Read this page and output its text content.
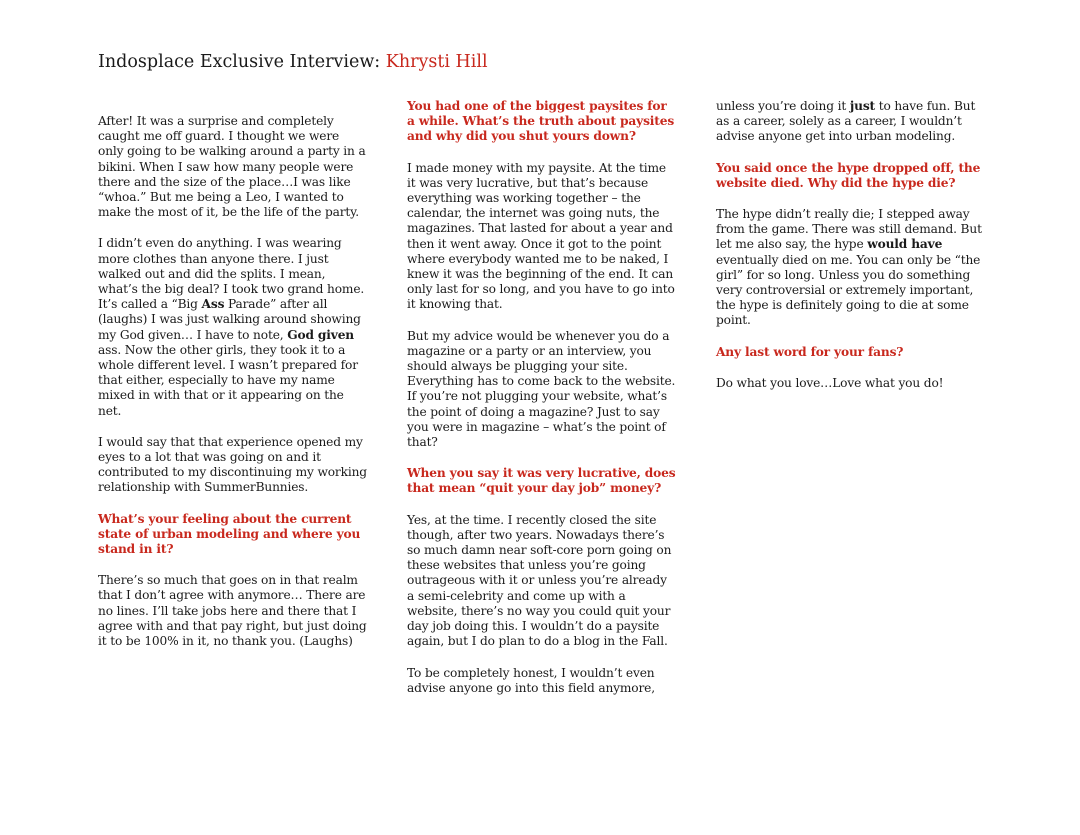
Indosplace Exclusive Interview: Khrysti Hill

After! It was a surprise and completely caught me off guard. I thought we were only going to be walking around a party in a bikini. When I saw how many people were there and the size of the place…I was like “whoa.” But me being a Leo, I wanted to make the most of it, be the life of the party.

I didn’t even do anything. I was wearing more clothes than anyone there. I just walked out and did the splits. I mean, what’s the big deal? I took two grand home. It’s called a “Big Ass Parade” after all (laughs) I was just walking around showing my God given… I have to note, God given ass. Now the other girls, they took it to a whole different level. I wasn’t prepared for that either, especially to have my name mixed in with that or it appearing on the net.

I would say that that experience opened my eyes to a lot that was going on and it contributed to my discontinuing my working relationship with SummerBunnies.

What’s your feeling about the current state of urban modeling and where you stand in it?

There’s so much that goes on in that realm that I don’t agree with anymore… There are no lines. I’ll take jobs here and there that I agree with and that pay right, but just doing it to be 100% in it, no thank you. (Laughs)

You had one of the biggest paysites for a while. What’s the truth about paysites and why did you shut yours down?

I made money with my paysite. At the time it was very lucrative, but that’s because everything was working together – the calendar, the internet was going nuts, the magazines. That lasted for about a year and then it went away. Once it got to the point where everybody wanted me to be naked, I knew it was the beginning of the end. It can only last for so long, and you have to go into it knowing that.

But my advice would be whenever you do a magazine or a party or an interview, you should always be plugging your site. Everything has to come back to the website. If you’re not plugging your website, what’s the point of doing a magazine? Just to say you were in magazine – what’s the point of that?

When you say it was very lucrative, does that mean “quit your day job” money?

Yes, at the time. I recently closed the site though, after two years. Nowadays there’s so much damn near soft-core porn going on these websites that unless you’re going outrageous with it or unless you’re already a semi-celebrity and come up with a website, there’s no way you could quit your day job doing this. I wouldn’t do a paysite again, but I do plan to do a blog in the Fall.

To be completely honest, I wouldn’t even advise anyone go into this field anymore,

unless you’re doing it just to have fun. But as a career, solely as a career, I wouldn’t advise anyone get into urban modeling.

You said once the hype dropped off, the website died. Why did the hype die?

The hype didn’t really die; I stepped away from the game. There was still demand. But let me also say, the hype would have eventually died on me. You can only be “the girl” for so long. Unless you do something very controversial or extremely important, the hype is definitely going to die at some point.

Any last word for your fans?

Do what you love…Love what you do!
